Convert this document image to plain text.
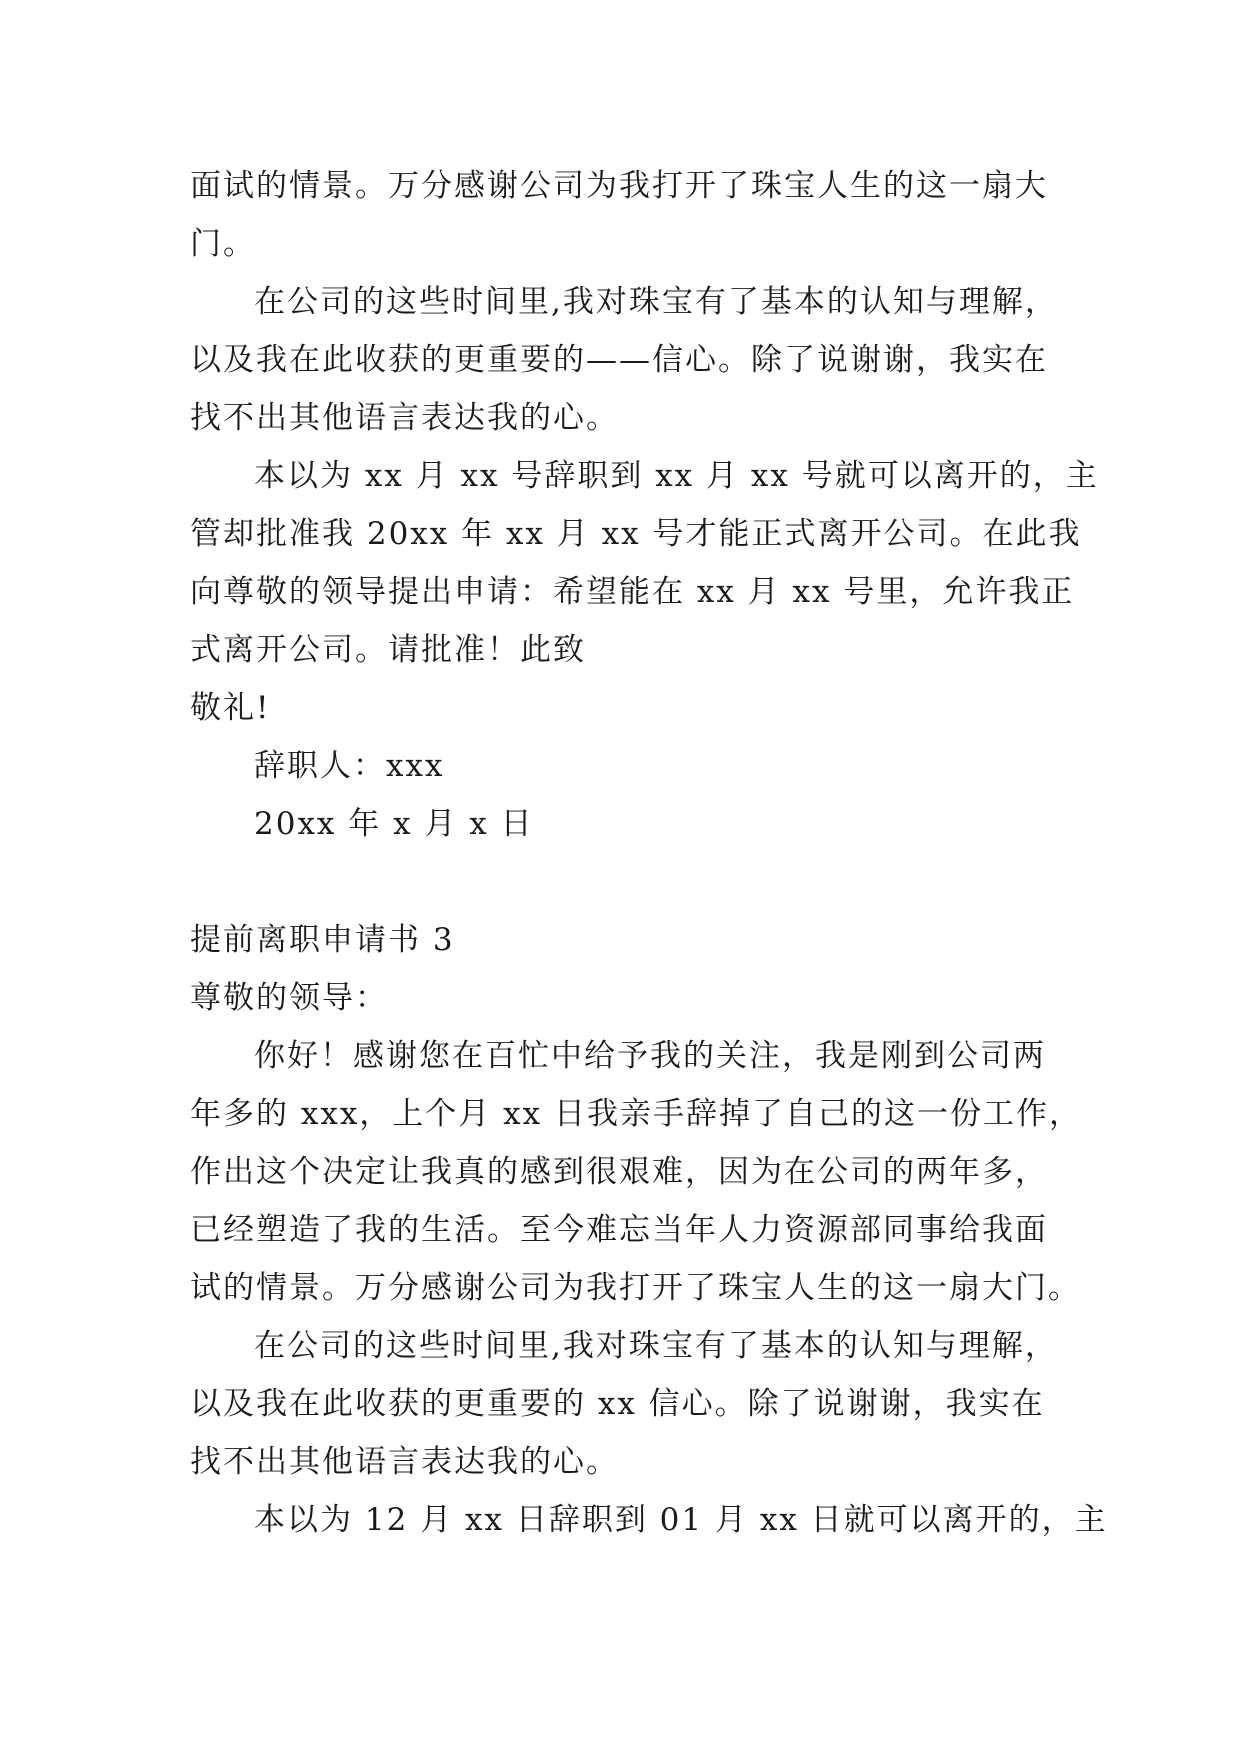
面试的情景。万分感谢公司为我打开了珠宝人生的这一扇大
门。
在公司的这些时间里,我对珠宝有了基本的认知与理解，
以及我在此收获的更重要的——信心。除了说谢谢，我实在
找不出其他语言表达我的心。
本以为 xx 月 xx 号辞职到 xx 月 xx 号就可以离开的，主
管却批准我 20xx 年 xx 月 xx 号才能正式离开公司。在此我
向尊敬的领导提出申请：希望能在 xx 月 xx 号里，允许我正
式离开公司。请批准！此致
敬礼!
辞职人：xxx
20xx 年 x 月 x 日
提前离职申请书 3
尊敬的领导：
你好！感谢您在百忙中给予我的关注，我是刚到公司两
年多的 xxx，上个月 xx 日我亲手辞掉了自己的这一份工作，
作出这个决定让我真的感到很艰难，因为在公司的两年多，
已经塑造了我的生活。至今难忘当年人力资源部同事给我面
试的情景。万分感谢公司为我打开了珠宝人生的这一扇大门。
在公司的这些时间里,我对珠宝有了基本的认知与理解，
以及我在此收获的更重要的 xx 信心。除了说谢谢，我实在
找不出其他语言表达我的心。
本以为 12 月 xx 日辞职到 01 月 xx 日就可以离开的，主
